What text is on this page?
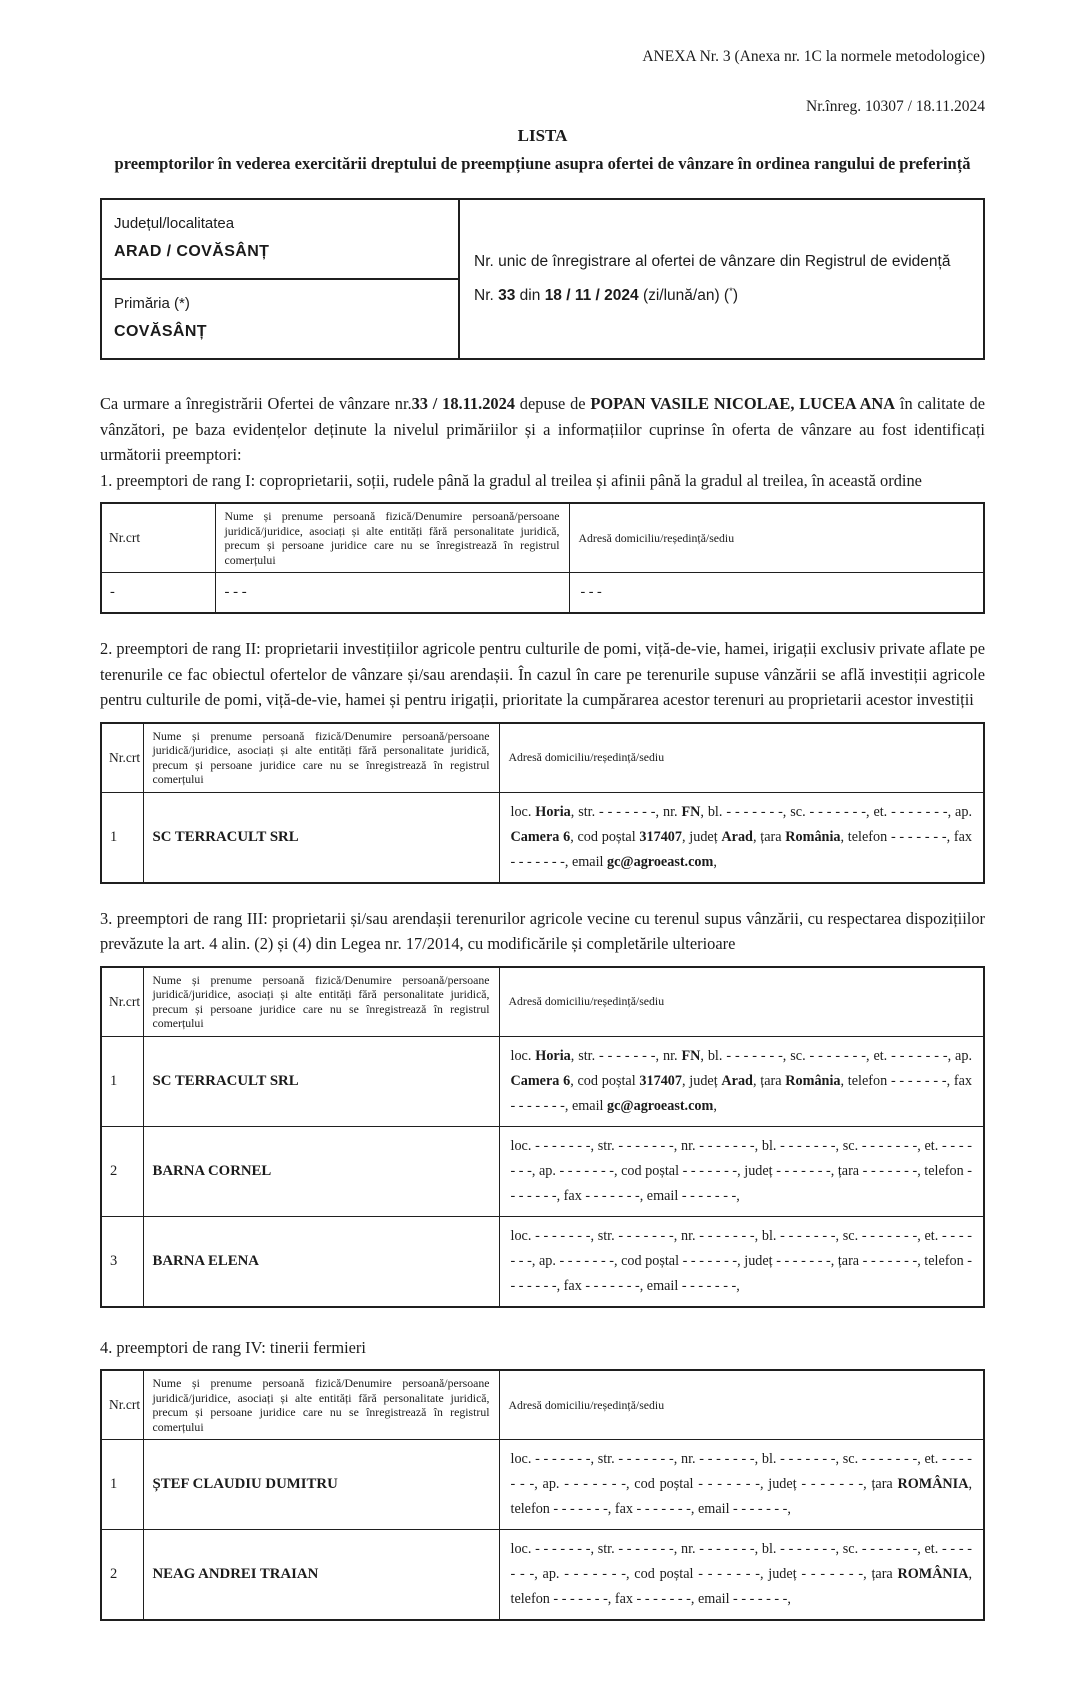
ANEXA Nr. 3 (Anexa nr. 1C la normele metodologice)
Nr.înreg. 10307 / 18.11.2024
LISTA
preemptorilor în vederea exercitării dreptului de preempțiune asupra ofertei de vânzare în ordinea rangului de preferință
Județul/localitatea
ARAD / COVĂSÂNȚ

Nr. unic de înregistrare al ofertei de vânzare din Registrul de evidență
Nr. 33 din 18 / 11 / 2024 (zi/lună/an) (*)

Primăria (*)
COVĂSÂNȚ
Ca urmare a înregistrării Ofertei de vânzare nr.33 / 18.11.2024 depuse de POPAN VASILE NICOLAE, LUCEA ANA în calitate de vânzători, pe baza evidențelor deținute la nivelul primăriilor și a informațiilor cuprinse în oferta de vânzare au fost identificați următorii preemptori:
1. preemptori de rang I: coproprietarii, soții, rudele până la gradul al treilea și afinii până la gradul al treilea, în această ordine
Nr.crt	Nume și prenume persoană fizică/Denumire persoană/persoane juridică/juridice, asociați și alte entități fără personalitate juridică, precum și persoane juridice care nu se înregistrează în registrul comerțului	Adresă domiciliu/reședință/sediu
-	- - -	- - -
2. preemptori de rang II: proprietarii investițiilor agricole pentru culturile de pomi, viță-de-vie, hamei, irigații exclusiv private aflate pe terenurile ce fac obiectul ofertelor de vânzare și/sau arendașii. În cazul în care pe terenurile supuse vânzării se află investiții agricole pentru culturile de pomi, viță-de-vie, hamei și pentru irigații, prioritate la cumpărarea acestor terenuri au proprietarii acestor investiții
Nr.crt	Nume și prenume persoană fizică/Denumire persoană/persoane juridică/juridice, asociați și alte entități fără personalitate juridică, precum și persoane juridice care nu se înregistrează în registrul comerțului	Adresă domiciliu/reședință/sediu
1	SC TERRACULT SRL	loc. Horia, str. - - - - - - -, nr. FN, bl. - - - - - - -, sc. - - - - - - -, et. - - - - - - -, ap. Camera 6, cod poștal 317407, județ Arad, țara România, telefon - - - - - - -, fax - - - - - - -, email gc@agroeast.com,
3. preemptori de rang III: proprietarii și/sau arendașii terenurilor agricole vecine cu terenul supus vânzării, cu respectarea dispozițiilor prevăzute la art. 4 alin. (2) și (4) din Legea nr. 17/2014, cu modificările și completările ulterioare
Nr.crt	Nume și prenume persoană fizică/Denumire persoană/persoane juridică/juridice, asociați și alte entități fără personalitate juridică, precum și persoane juridice care nu se înregistrează în registrul comerțului	Adresă domiciliu/reședință/sediu
1	SC TERRACULT SRL	loc. Horia, str. - - - - - - -, nr. FN, bl. - - - - - - -, sc. - - - - - - -, et. - - - - - - -, ap. Camera 6, cod poștal 317407, județ Arad, țara România, telefon - - - - - - -, fax - - - - - - -, email gc@agroeast.com,
2	BARNA CORNEL	loc. - - - - - - -, str. - - - - - - -, nr. - - - - - - -, bl. - - - - - - -, sc. - - - - - - -, et. - - - - - - -, ap. - - - - - - -, cod poștal - - - - - - -, județ - - - - - - -, țara - - - - - - -, telefon - - - - - - -, fax - - - - - - -, email - - - - - - -,
3	BARNA ELENA	loc. - - - - - - -, str. - - - - - - -, nr. - - - - - - -, bl. - - - - - - -, sc. - - - - - - -, et. - - - - - - -, ap. - - - - - - -, cod poștal - - - - - - -, județ - - - - - - -, țara - - - - - - -, telefon - - - - - - -, fax - - - - - - -, email - - - - - - -,
4. preemptori de rang IV: tinerii fermieri
Nr.crt	Nume și prenume persoană fizică/Denumire persoană/persoane juridică/juridice, asociați și alte entități fără personalitate juridică, precum și persoane juridice care nu se înregistrează în registrul comerțului	Adresă domiciliu/reședință/sediu
1	ȘTEF CLAUDIU DUMITRU	loc. - - - - - - -, str. - - - - - - -, nr. - - - - - - -, bl. - - - - - - -, sc. - - - - - - -, et. - - - - - - -, ap. - - - - - - -, cod poștal - - - - - - -, județ - - - - - - -, țara ROMÂNIA, telefon - - - - - - -, fax - - - - - - -, email - - - - - - -,
2	NEAG ANDREI TRAIAN	loc. - - - - - - -, str. - - - - - - -, nr. - - - - - - -, bl. - - - - - - -, sc. - - - - - - -, et. - - - - - - -, ap. - - - - - - -, cod poștal - - - - - - -, județ - - - - - - -, țara ROMÂNIA, telefon - - - - - - -, fax - - - - - - -, email - - - - - - -,
